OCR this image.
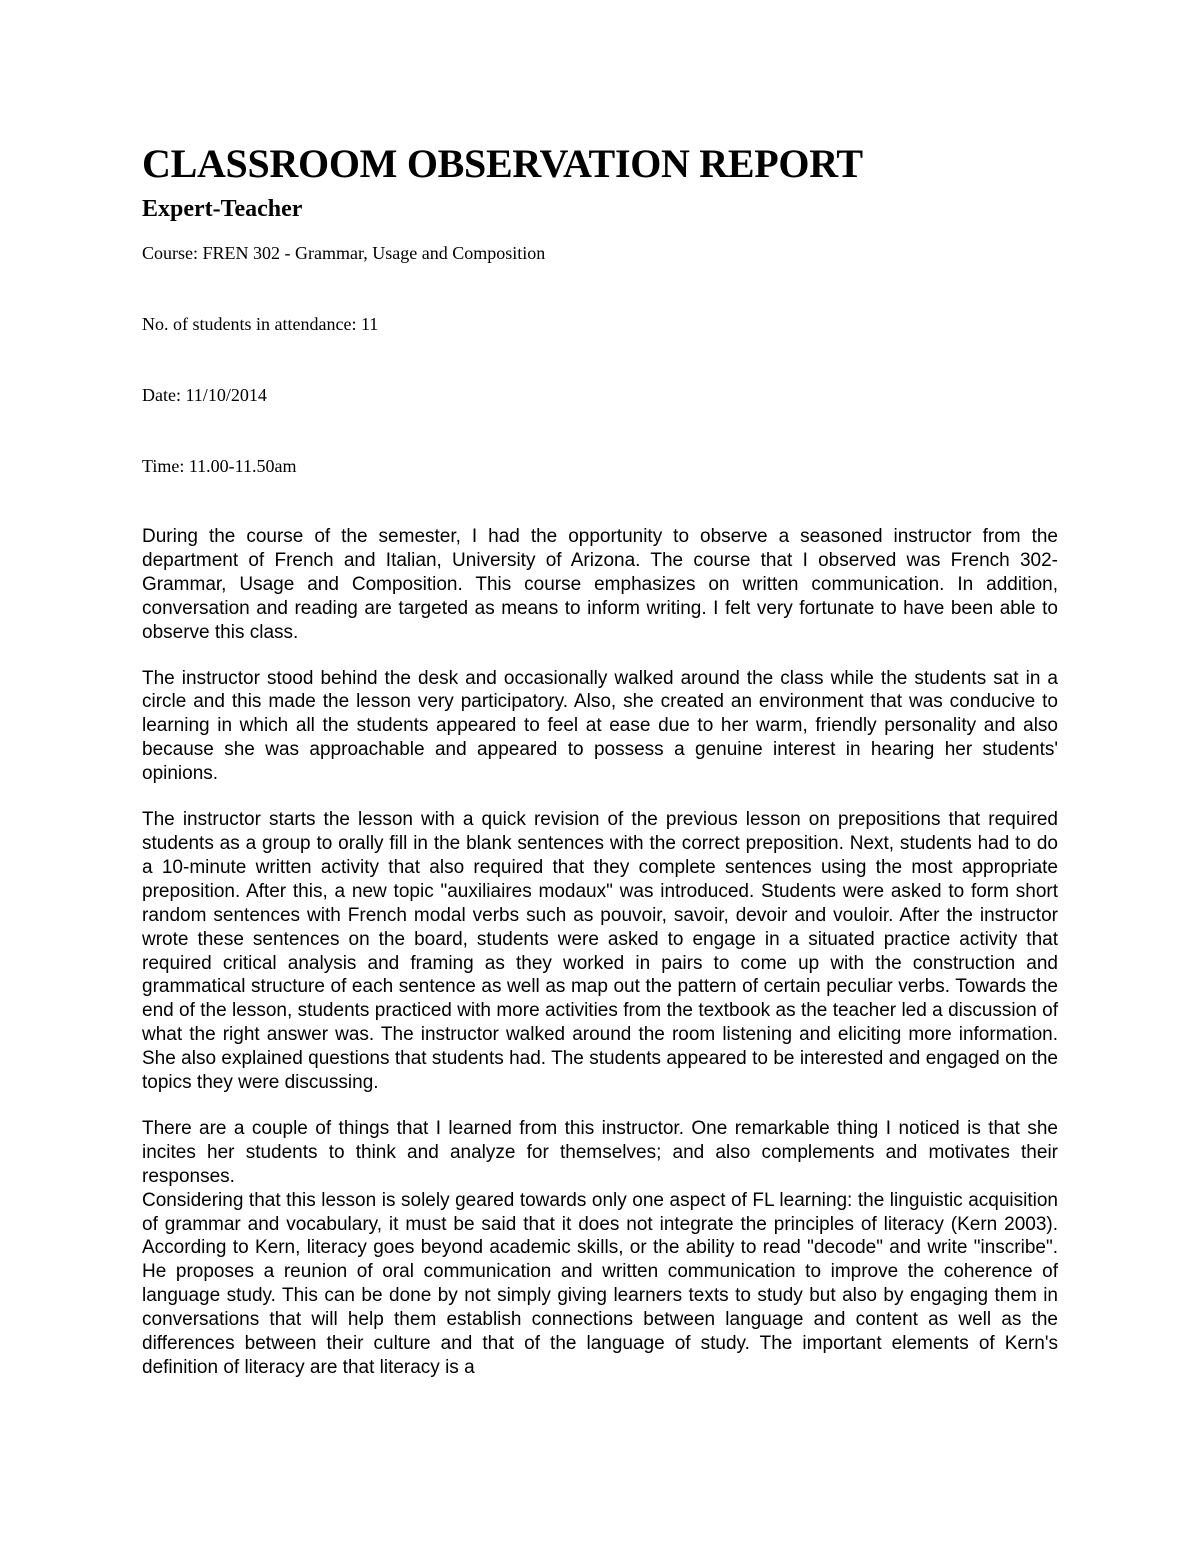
CLASSROOM OBSERVATION REPORT
Expert-Teacher

Course: FREN 302 - Grammar, Usage and Composition

No. of students in attendance: 11

Date: 11/10/2014

Time: 11.00-11.50am

During the course of the semester, I had the opportunity to observe a seasoned instructor from the department of French and Italian, University of Arizona. The course that I observed was French 302-Grammar, Usage and Composition. This course emphasizes on written communication. In addition, conversation and reading are targeted as means to inform writing. I felt very fortunate to have been able to observe this class.

The instructor stood behind the desk and occasionally walked around the class while the students sat in a circle and this made the lesson very participatory. Also, she created an environment that was conducive to learning in which all the students appeared to feel at ease due to her warm, friendly personality and also because she was approachable and appeared to possess a genuine interest in hearing her students' opinions.

The instructor starts the lesson with a quick revision of the previous lesson on prepositions that required students as a group to orally fill in the blank sentences with the correct preposition. Next, students had to do a 10-minute written activity that also required that they complete sentences using the most appropriate preposition. After this, a new topic "auxiliaires modaux" was introduced. Students were asked to form short random sentences with French modal verbs such as pouvoir, savoir, devoir and vouloir. After the instructor wrote these sentences on the board, students were asked to engage in a situated practice activity that required critical analysis and framing as they worked in pairs to come up with the construction and grammatical structure of each sentence as well as map out the pattern of certain peculiar verbs. Towards the end of the lesson, students practiced with more activities from the textbook as the teacher led a discussion of what the right answer was. The instructor walked around the room listening and eliciting more information. She also explained questions that students had. The students appeared to be interested and engaged on the topics they were discussing.

There are a couple of things that I learned from this instructor. One remarkable thing I noticed is that she incites her students to think and analyze for themselves; and also complements and motivates their responses.

Considering that this lesson is solely geared towards only one aspect of FL learning: the linguistic acquisition of grammar and vocabulary, it must be said that it does not integrate the principles of literacy (Kern 2003). According to Kern, literacy goes beyond academic skills, or the ability to read "decode" and write "inscribe". He proposes a reunion of oral communication and written communication to improve the coherence of language study. This can be done by not simply giving learners texts to study but also by engaging them in conversations that will help them establish connections between language and content as well as the differences between their culture and that of the language of study. The important elements of Kern's definition of literacy are that literacy is a
